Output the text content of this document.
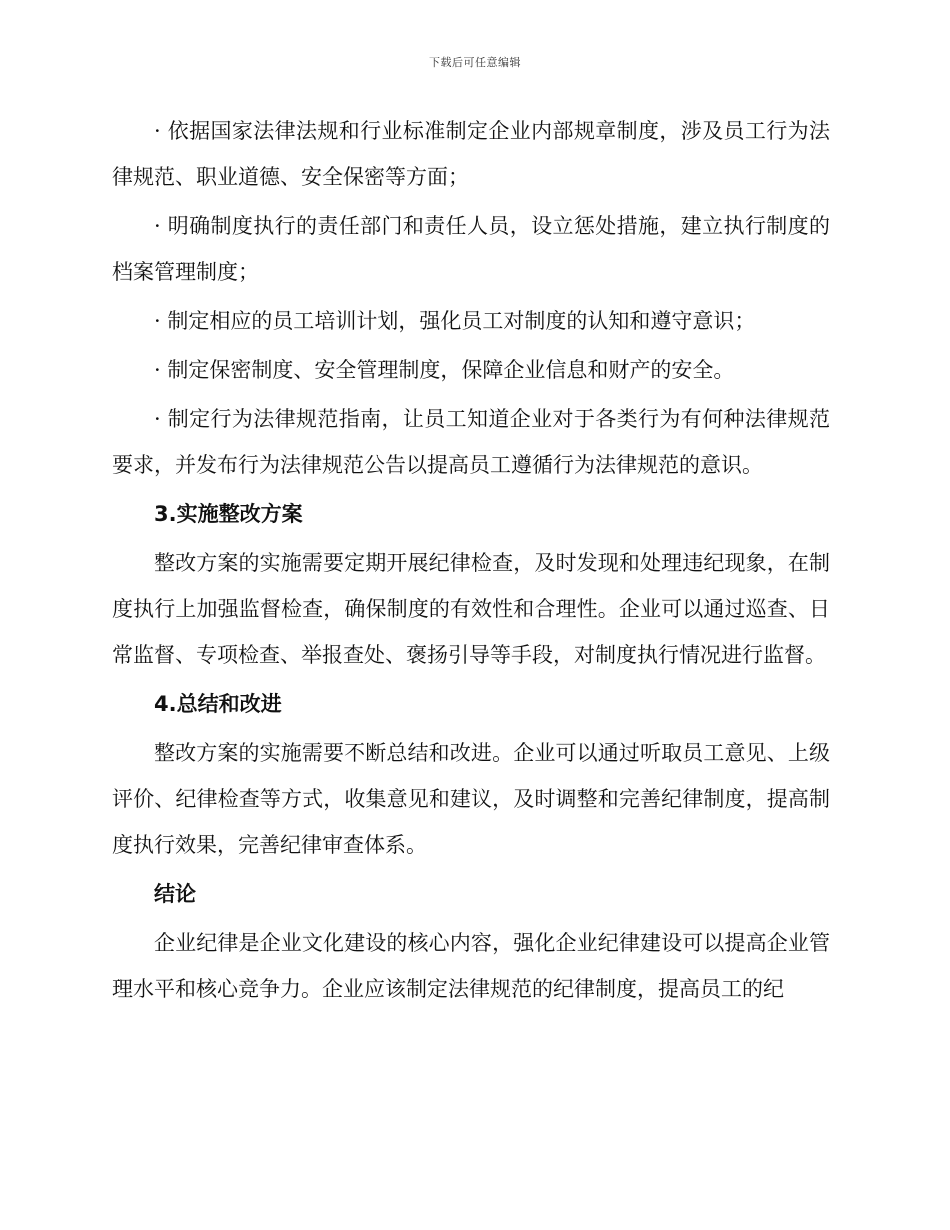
下载后可任意编辑

· 依据国家法律法规和行业标准制定企业内部规章制度，涉及员工行为法律规范、职业道德、安全保密等方面；

· 明确制度执行的责任部门和责任人员，设立惩处措施，建立执行制度的档案管理制度；

· 制定相应的员工培训计划，强化员工对制度的认知和遵守意识；

· 制定保密制度、安全管理制度，保障企业信息和财产的安全。

· 制定行为法律规范指南，让员工知道企业对于各类行为有何种法律规范要求，并发布行为法律规范公告以提高员工遵循行为法律规范的意识。

3.实施整改方案

整改方案的实施需要定期开展纪律检查，及时发现和处理违纪现象，在制度执行上加强监督检查，确保制度的有效性和合理性。企业可以通过巡查、日常监督、专项检查、举报查处、褒扬引导等手段，对制度执行情况进行监督。

4.总结和改进

整改方案的实施需要不断总结和改进。企业可以通过听取员工意见、上级评价、纪律检查等方式，收集意见和建议，及时调整和完善纪律制度，提高制度执行效果，完善纪律审查体系。

结论

企业纪律是企业文化建设的核心内容，强化企业纪律建设可以提高企业管理水平和核心竞争力。企业应该制定法律规范的纪律制度，提高员工的纪
